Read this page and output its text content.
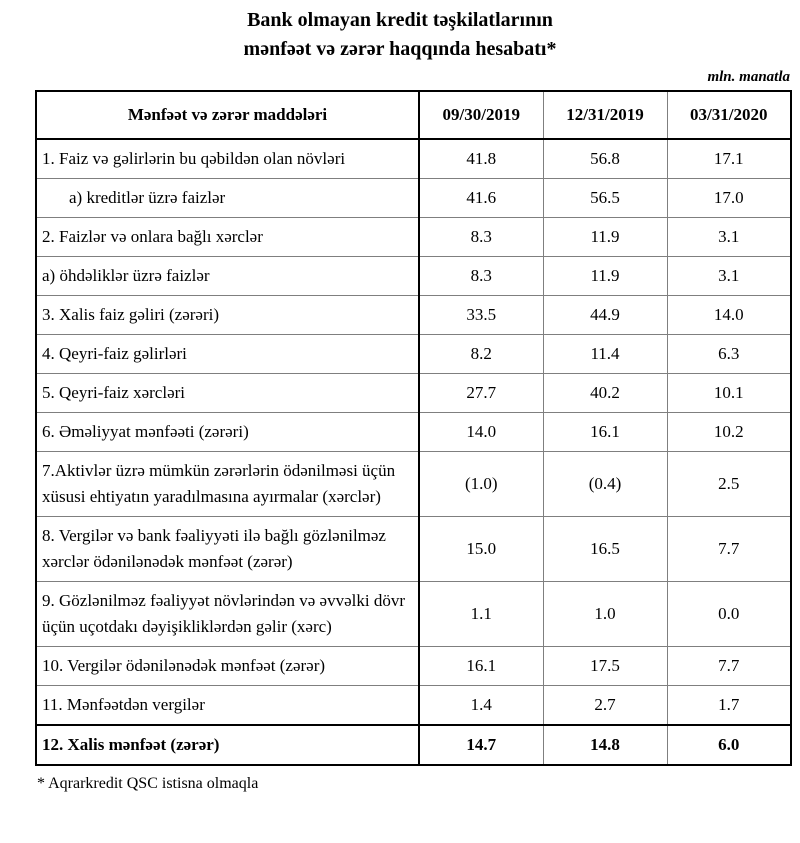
Bank olmayan kredit təşkilatlarının
mənfəət və zərər haqqında hesabatı*
mln. manatla
Mənfəət və zərər maddələri	09/30/2019	12/31/2019	03/31/2020
1. Faiz və gəlirlərin bu qəbildən olan növləri	41.8	56.8	17.1
a) kreditlər üzrə faizlər	41.6	56.5	17.0
2. Faizlər və onlara bağlı xərclər	8.3	11.9	3.1
a) öhdəliklər üzrə faizlər	8.3	11.9	3.1
3. Xalis faiz gəliri (zərəri)	33.5	44.9	14.0
4. Qeyri-faiz gəlirləri	8.2	11.4	6.3
5. Qeyri-faiz xərcləri	27.7	40.2	10.1
6. Əməliyyat mənfəəti (zərəri)	14.0	16.1	10.2
7.Aktivlər üzrə mümkün zərərlərin ödənilməsi üçün xüsusi ehtiyatın yaradılmasına ayırmalar (xərclər)	(1.0)	(0.4)	2.5
8. Vergilər və bank fəaliyyəti ilə bağlı gözlənilməz xərclər ödənilənədək mənfəət (zərər)	15.0	16.5	7.7
9. Gözlənilməz fəaliyyət növlərindən və əvvəlki dövr üçün uçotdakı dəyişikliklərdən gəlir (xərc)	1.1	1.0	0.0
10. Vergilər ödənilənədək mənfəət (zərər)	16.1	17.5	7.7
11. Mənfəətdən vergilər	1.4	2.7	1.7
12. Xalis mənfəət (zərər)	14.7	14.8	6.0
* Aqrarkredit QSC istisna olmaqla
